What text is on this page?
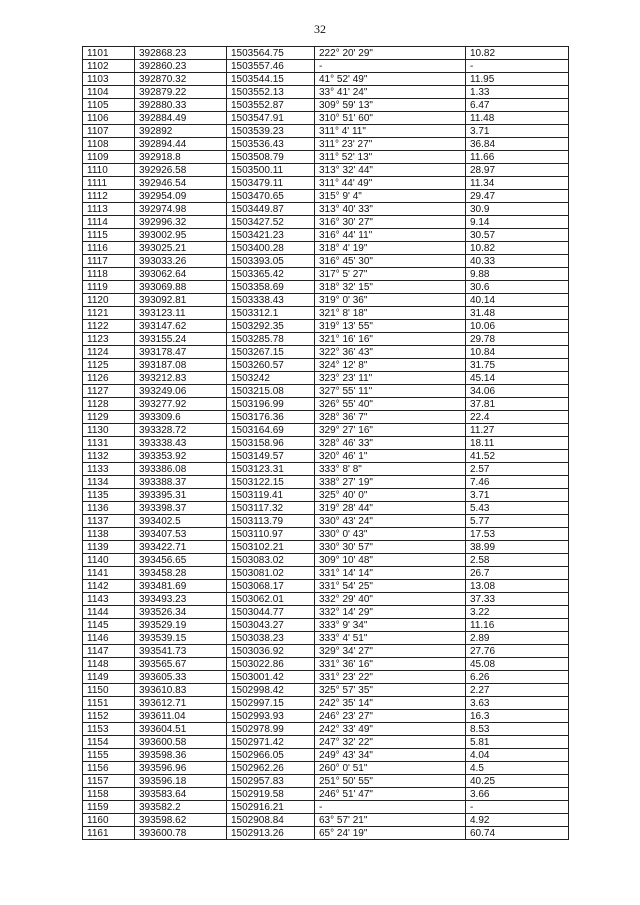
32
1101	392868.23	1503564.75	222° 20' 29"	10.82
1102	392860.23	1503557.46	-	-
1103	392870.32	1503544.15	41° 52' 49"	11.95
1104	392879.22	1503552.13	33° 41' 24"	1.33
1105	392880.33	1503552.87	309° 59' 13"	6.47
1106	392884.49	1503547.91	310° 51' 60"	11.48
1107	392892	1503539.23	311° 4' 11"	3.71
1108	392894.44	1503536.43	311° 23' 27"	36.84
1109	392918.8	1503508.79	311° 52' 13"	11.66
1110	392926.58	1503500.11	313° 32' 44"	28.97
1111	392946.54	1503479.11	311° 44' 49"	11.34
1112	392954.09	1503470.65	315° 9' 4"	29.47
1113	392974.98	1503449.87	313° 40' 33"	30.9
1114	392996.32	1503427.52	316° 30' 27"	9.14
1115	393002.95	1503421.23	316° 44' 11"	30.57
1116	393025.21	1503400.28	318° 4' 19"	10.82
1117	393033.26	1503393.05	316° 45' 30"	40.33
1118	393062.64	1503365.42	317° 5' 27"	9.88
1119	393069.88	1503358.69	318° 32' 15"	30.6
1120	393092.81	1503338.43	319° 0' 36"	40.14
1121	393123.11	1503312.1	321° 8' 18"	31.48
1122	393147.62	1503292.35	319° 13' 55"	10.06
1123	393155.24	1503285.78	321° 16' 16"	29.78
1124	393178.47	1503267.15	322° 36' 43"	10.84
1125	393187.08	1503260.57	324° 12' 8"	31.75
1126	393212.83	1503242	323° 23' 11"	45.14
1127	393249.06	1503215.08	327° 55' 11"	34.06
1128	393277.92	1503196.99	326° 55' 40"	37.81
1129	393309.6	1503176.36	328° 36' 7"	22.4
1130	393328.72	1503164.69	329° 27' 16"	11.27
1131	393338.43	1503158.96	328° 46' 33"	18.11
1132	393353.92	1503149.57	320° 46' 1"	41.52
1133	393386.08	1503123.31	333° 8' 8"	2.57
1134	393388.37	1503122.15	338° 27' 19"	7.46
1135	393395.31	1503119.41	325° 40' 0"	3.71
1136	393398.37	1503117.32	319° 28' 44"	5.43
1137	393402.5	1503113.79	330° 43' 24"	5.77
1138	393407.53	1503110.97	330° 0' 43"	17.53
1139	393422.71	1503102.21	330° 30' 57"	38.99
1140	393456.65	1503083.02	309° 10' 48"	2.58
1141	393458.28	1503081.02	331° 14' 14"	26.7
1142	393481.69	1503068.17	331° 54' 25"	13.08
1143	393493.23	1503062.01	332° 29' 40"	37.33
1144	393526.34	1503044.77	332° 14' 29"	3.22
1145	393529.19	1503043.27	333° 9' 34"	11.16
1146	393539.15	1503038.23	333° 4' 51"	2.89
1147	393541.73	1503036.92	329° 34' 27"	27.76
1148	393565.67	1503022.86	331° 36' 16"	45.08
1149	393605.33	1503001.42	331° 23' 22"	6.26
1150	393610.83	1502998.42	325° 57' 35"	2.27
1151	393612.71	1502997.15	242° 35' 14"	3.63
1152	393611.04	1502993.93	246° 23' 27"	16.3
1153	393604.51	1502978.99	242° 33' 49"	8.53
1154	393600.58	1502971.42	247° 32' 22"	5.81
1155	393598.36	1502966.05	249° 43' 34"	4.04
1156	393596.96	1502962.26	260° 0' 51"	4.5
1157	393596.18	1502957.83	251° 50' 55"	40.25
1158	393583.64	1502919.58	246° 51' 47"	3.66
1159	393582.2	1502916.21	-	-
1160	393598.62	1502908.84	63° 57' 21"	4.92
1161	393600.78	1502913.26	65° 24' 19"	60.74
